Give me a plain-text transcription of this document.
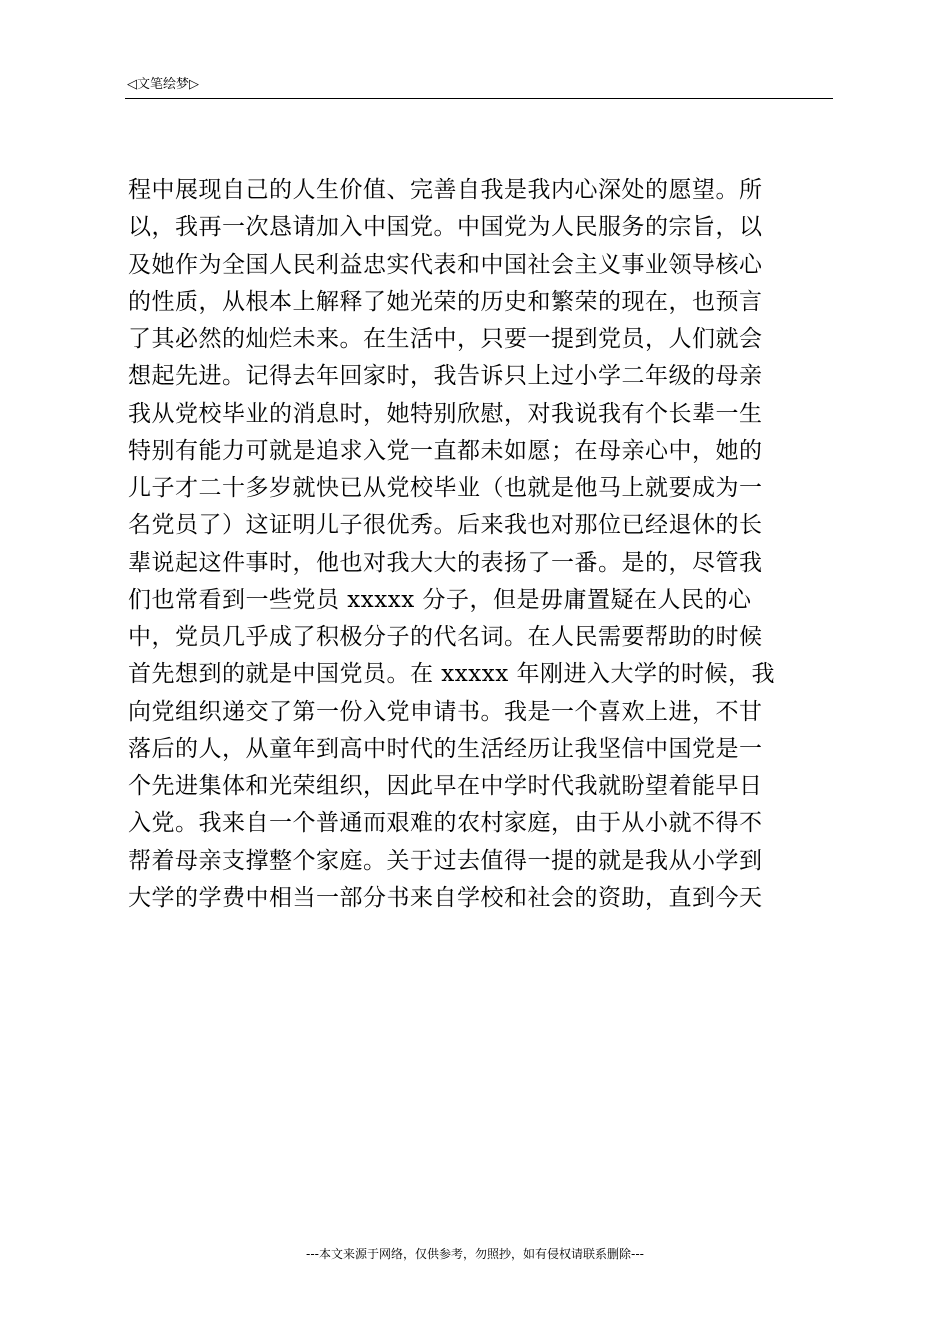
◁文笔绘梦▷
程中展现自己的人生价值、完善自我是我内心深处的愿望。所
以，我再一次恳请加入中国党。中国党为人民服务的宗旨，以
及她作为全国人民利益忠实代表和中国社会主义事业领导核心
的性质，从根本上解释了她光荣的历史和繁荣的现在，也预言
了其必然的灿烂未来。在生活中，只要一提到党员，人们就会
想起先进。记得去年回家时，我告诉只上过小学二年级的母亲
我从党校毕业的消息时，她特别欣慰，对我说我有个长辈一生
特别有能力可就是追求入党一直都未如愿；在母亲心中，她的
儿子才二十多岁就快已从党校毕业（也就是他马上就要成为一
名党员了）这证明儿子很优秀。后来我也对那位已经退休的长
辈说起这件事时，他也对我大大的表扬了一番。是的，尽管我
们也常看到一些党员 xxxxx 分子，但是毋庸置疑在人民的心
中，党员几乎成了积极分子的代名词。在人民需要帮助的时候
首先想到的就是中国党员。在 xxxxx 年刚进入大学的时候，我
向党组织递交了第一份入党申请书。我是一个喜欢上进，不甘
落后的人，从童年到高中时代的生活经历让我坚信中国党是一
个先进集体和光荣组织，因此早在中学时代我就盼望着能早日
入党。我来自一个普通而艰难的农村家庭，由于从小就不得不
帮着母亲支撑整个家庭。关于过去值得一提的就是我从小学到
大学的学费中相当一部分书来自学校和社会的资助，直到今天
---本文来源于网络，仅供参考，勿照抄，如有侵权请联系删除---
